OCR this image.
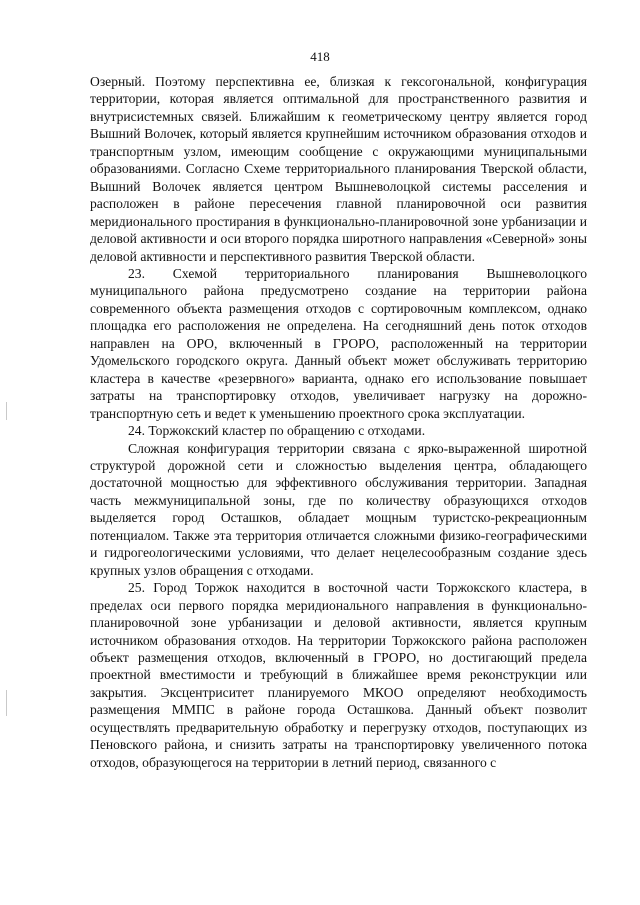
418

Озерный. Поэтому перспективна ее, близкая к гексогональной, конфигурация территории, которая является оптимальной для пространственного развития и внутрисистемных связей. Ближайшим к геометрическому центру является город Вышний Волочек, который является крупнейшим источником образования отходов и транспортным узлом, имеющим сообщение с окружающими муниципальными образованиями. Согласно Схеме территориального планирования Тверской области, Вышний Волочек является центром Вышневолоцкой системы расселения и расположен в районе пересечения главной планировочной оси развития меридионального простирания в функционально-планировочной зоне урбанизации и деловой активности и оси второго порядка широтного направления «Северной» зоны деловой активности и перспективного развития Тверской области.

23. Схемой территориального планирования Вышневолоцкого муниципального района предусмотрено создание на территории района современного объекта размещения отходов с сортировочным комплексом, однако площадка его расположения не определена. На сегодняшний день поток отходов направлен на ОРО, включенный в ГРОРО, расположенный на территории Удомельского городского округа. Данный объект может обслуживать территорию кластера в качестве «резервного» варианта, однако его использование повышает затраты на транспортировку отходов, увеличивает нагрузку на дорожно-транспортную сеть и ведет к уменьшению проектного срока эксплуатации.

24. Торжокский кластер по обращению с отходами.

Сложная конфигурация территории связана с ярко-выраженной широтной структурой дорожной сети и сложностью выделения центра, обладающего достаточной мощностью для эффективного обслуживания территории. Западная часть межмуниципальной зоны, где по количеству образующихся отходов выделяется город Осташков, обладает мощным туристско-рекреационным потенциалом. Также эта территория отличается сложными физико-географическими и гидрогеологическими условиями, что делает нецелесообразным создание здесь крупных узлов обращения с отходами.

25. Город Торжок находится в восточной части Торжокского кластера, в пределах оси первого порядка меридионального направления в функционально-планировочной зоне урбанизации и деловой активности, является крупным источником образования отходов. На территории Торжокского района расположен объект размещения отходов, включенный в ГРОРО, но достигающий предела проектной вместимости и требующий в ближайшее время реконструкции или закрытия. Эксцентриситет планируемого МКОО определяют необходимость размещения ММПС в районе города Осташкова. Данный объект позволит осуществлять предварительную обработку и перегрузку отходов, поступающих из Пеновского района, и снизить затраты на транспортировку увеличенного потока отходов, образующегося на территории в летний период, связанного с
